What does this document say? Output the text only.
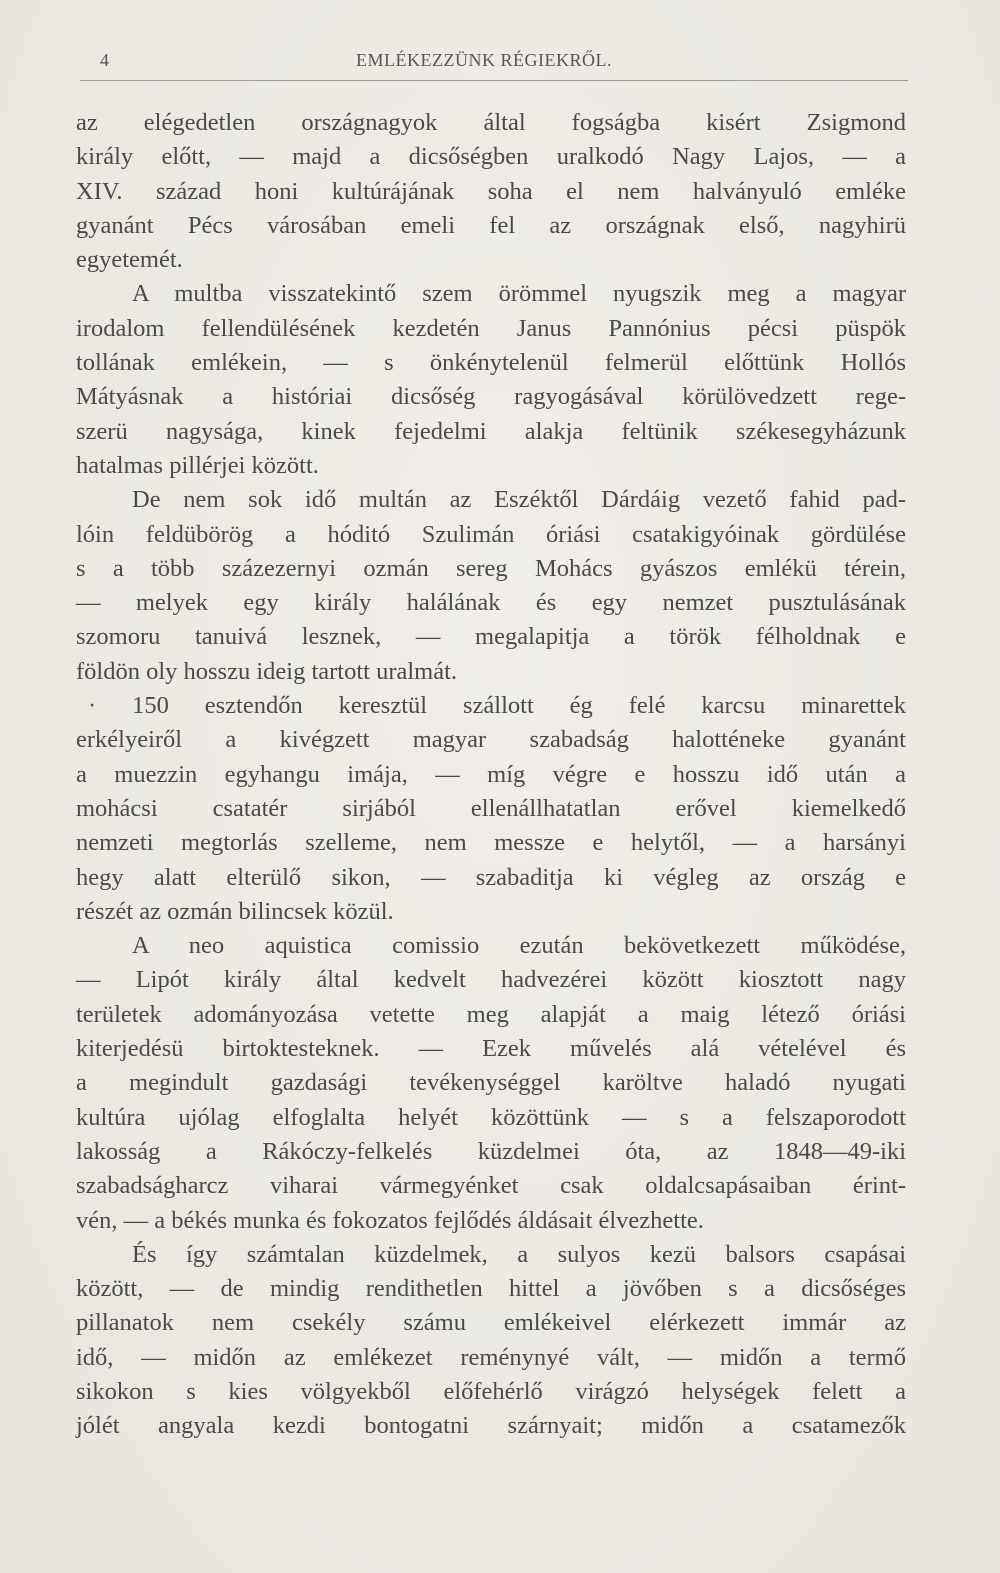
4	EMLÉKEZZÜNK RÉGIEKRŐL.
az elégedetlen országnagyok által fogságba kisért Zsigmond
király előtt, — majd a dicsőségben uralkodó Nagy Lajos, — a
XIV. század honi kultúrájának soha el nem halványuló emléke
gyanánt Pécs városában emeli fel az országnak első, nagyhirü
egyetemét.
A multba visszatekintő szem örömmel nyugszik meg a magyar
irodalom fellendülésének kezdetén Janus Pannónius pécsi püspök
tollának emlékein, — s önkénytelenül felmerül előttünk Hollós
Mátyásnak a históriai dicsőség ragyogásával körülövedzett rege-
szerü nagysága, kinek fejedelmi alakja feltünik székesegyházunk
hatalmas pillérjei között.
De nem sok idő multán az Eszéktől Dárdáig vezető fahid pad-
lóin feldübörög a hóditó Szulimán óriási csatakigyóinak gördülése
s a több százezernyi ozmán sereg Mohács gyászos emlékü térein,
— melyek egy király halálának és egy nemzet pusztulásának
szomoru tanuivá lesznek, — megalapitja a török félholdnak e
földön oly hosszu ideig tartott uralmát.
· 150 esztendőn keresztül szállott ég felé karcsu minarettek
erkélyeiről a kivégzett magyar szabadság halotténeke gyanánt
a muezzin egyhangu imája, — míg végre e hosszu idő után a
mohácsi csatatér sirjából ellenállhatatlan erővel kiemelkedő
nemzeti megtorlás szelleme, nem messze e helytől, — a harsányi
hegy alatt elterülő sikon, — szabaditja ki végleg az ország e
részét az ozmán bilincsek közül.
A neo aquistica comissio ezután bekövetkezett működése,
— Lipót király által kedvelt hadvezérei között kiosztott nagy
területek adományozása vetette meg alapját a maig létező óriási
kiterjedésü birtoktesteknek. — Ezek művelés alá vételével és
a megindult gazdasági tevékenységgel karöltve haladó nyugati
kultúra ujólag elfoglalta helyét közöttünk — s a felszaporodott
lakosság a Rákóczy-felkelés küzdelmei óta, az 1848—49-iki
szabadságharcz viharai vármegyénket csak oldalcsapásaiban érint-
vén, — a békés munka és fokozatos fejlődés áldásait élvezhette.
És így számtalan küzdelmek, a sulyos kezü balsors csapásai
között, — de mindig rendithetlen hittel a jövőben s a dicsőséges
pillanatok nem csekély számu emlékeivel elérkezett immár az
idő, — midőn az emlékezet reménynyé vált, — midőn a termő
sikokon s kies völgyekből előfehérlő virágzó helységek felett a
jólét angyala kezdi bontogatni szárnyait; midőn a csatamezők
